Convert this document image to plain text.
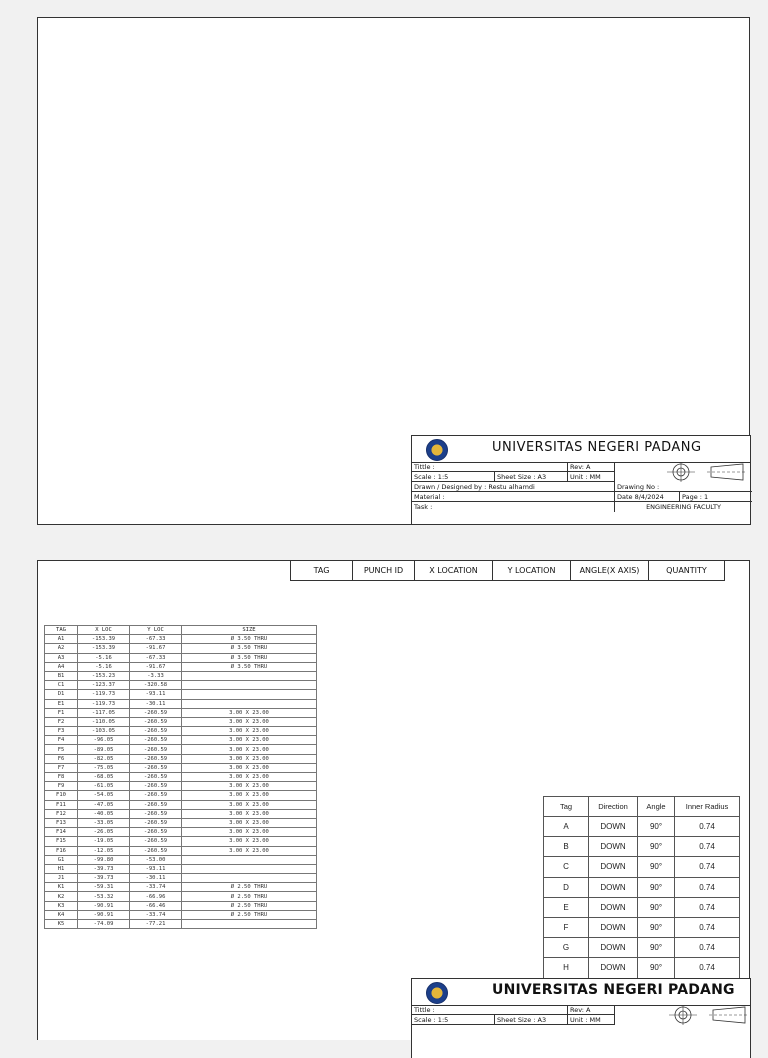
UNIVERSITAS NEGERI PADANG
Tittle :	Rev: A
Scale : 1:5	Sheet Size : A3	Unit : MM
Drawn / Designed by : Restu alhamdi	Drawing No :
Material :	Date 8/4/2024	Page : 1
Task :	ENGINEERING FACULTY
TAG	PUNCH ID	X LOCATION	Y LOCATION	ANGLE(X AXIS)	QUANTITY
TAG	X LOC	Y LOC	SIZE
A1	-153.39	-67.33	Ø 3.50 THRU
A2	-153.39	-91.67	Ø 3.50 THRU
A3	-5.16	-67.33	Ø 3.50 THRU
A4	-5.16	-91.67	Ø 3.50 THRU
B1	-153.23	-3.33	
C1	-123.37	-320.58	
D1	-119.73	-93.11	
E1	-119.73	-30.11	
F1	-117.05	-260.59	3.00 X 23.00
F2	-110.05	-260.59	3.00 X 23.00
F3	-103.05	-260.59	3.00 X 23.00
F4	-96.05	-260.59	3.00 X 23.00
F5	-89.05	-260.59	3.00 X 23.00
F6	-82.05	-260.59	3.00 X 23.00
F7	-75.05	-260.59	3.00 X 23.00
F8	-68.05	-260.59	3.00 X 23.00
F9	-61.05	-260.59	3.00 X 23.00
F10	-54.05	-260.59	3.00 X 23.00
F11	-47.05	-260.59	3.00 X 23.00
F12	-40.05	-260.59	3.00 X 23.00
F13	-33.05	-260.59	3.00 X 23.00
F14	-26.05	-260.59	3.00 X 23.00
F15	-19.05	-260.59	3.00 X 23.00
F16	-12.05	-260.59	3.00 X 23.00
G1	-99.80	-53.00	
H1	-39.73	-93.11	
J1	-39.73	-30.11	
K1	-59.31	-33.74	Ø 2.50 THRU
K2	-53.32	-66.96	Ø 2.50 THRU
K3	-90.91	-66.46	Ø 2.50 THRU
K4	-90.91	-33.74	Ø 2.50 THRU
K5	-74.09	-77.21	
Tag	Direction	Angle	Inner Radius
A	DOWN	90°	0.74
B	DOWN	90°	0.74
C	DOWN	90°	0.74
D	DOWN	90°	0.74
E	DOWN	90°	0.74
F	DOWN	90°	0.74
G	DOWN	90°	0.74
H	DOWN	90°	0.74
UNIVERSITAS NEGERI PADANG
Tittle :	Rev: A
Scale : 1:5	Sheet Size : A3	Unit : MM
